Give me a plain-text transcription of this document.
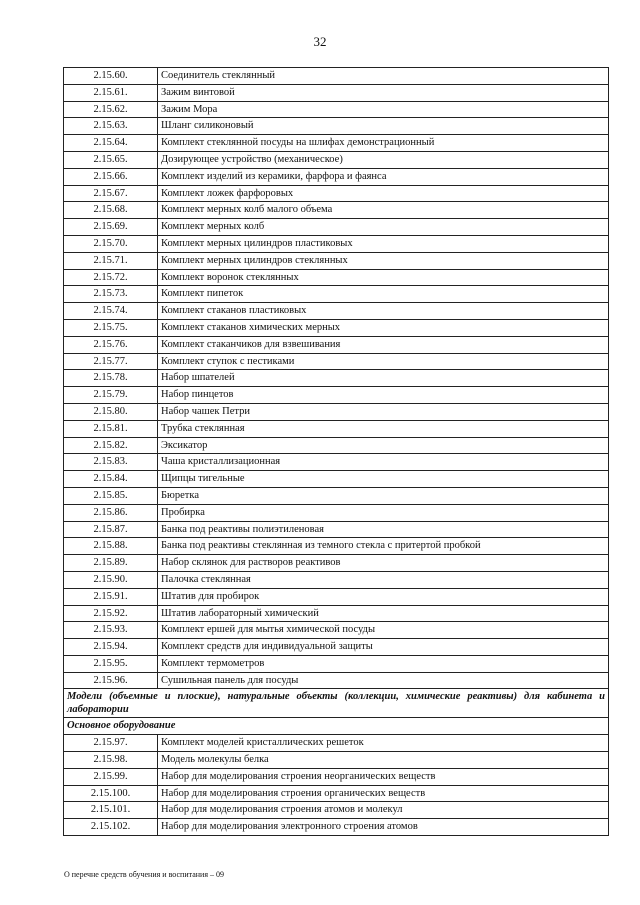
32
2.15.60.	Соединитель стеклянный
2.15.61.	Зажим винтовой
2.15.62.	Зажим Мора
2.15.63.	Шланг силиконовый
2.15.64.	Комплект стеклянной посуды на шлифах демонстрационный
2.15.65.	Дозирующее устройство (механическое)
2.15.66.	Комплект изделий из керамики, фарфора и фаянса
2.15.67.	Комплект ложек фарфоровых
2.15.68.	Комплект мерных колб малого объема
2.15.69.	Комплект мерных колб
2.15.70.	Комплект мерных цилиндров пластиковых
2.15.71.	Комплект мерных цилиндров стеклянных
2.15.72.	Комплект воронок стеклянных
2.15.73.	Комплект пипеток
2.15.74.	Комплект стаканов пластиковых
2.15.75.	Комплект стаканов химических мерных
2.15.76.	Комплект стаканчиков для взвешивания
2.15.77.	Комплект ступок с пестиками
2.15.78.	Набор шпателей
2.15.79.	Набор пинцетов
2.15.80.	Набор чашек Петри
2.15.81.	Трубка стеклянная
2.15.82.	Эксикатор
2.15.83.	Чаша кристаллизационная
2.15.84.	Щипцы тигельные
2.15.85.	Бюретка
2.15.86.	Пробирка
2.15.87.	Банка под реактивы полиэтиленовая
2.15.88.	Банка под реактивы стеклянная из темного стекла с притертой пробкой
2.15.89.	Набор склянок для растворов реактивов
2.15.90.	Палочка стеклянная
2.15.91.	Штатив для пробирок
2.15.92.	Штатив лабораторный химический
2.15.93.	Комплект ершей для мытья химической посуды
2.15.94.	Комплект средств для индивидуальной защиты
2.15.95.	Комплект термометров
2.15.96.	Сушильная панель для посуды
Модели (объемные и плоские), натуральные объекты (коллекции, химические реактивы) для кабинета и лаборатории	
Основное оборудование	
2.15.97.	Комплект моделей кристаллических решеток
2.15.98.	Модель молекулы белка
2.15.99.	Набор для моделирования строения неорганических веществ
2.15.100.	Набор для моделирования строения органических веществ
2.15.101.	Набор для моделирования строения атомов и молекул
2.15.102.	Набор для моделирования электронного строения атомов
О перечне средств обучения и воспитания – 09
